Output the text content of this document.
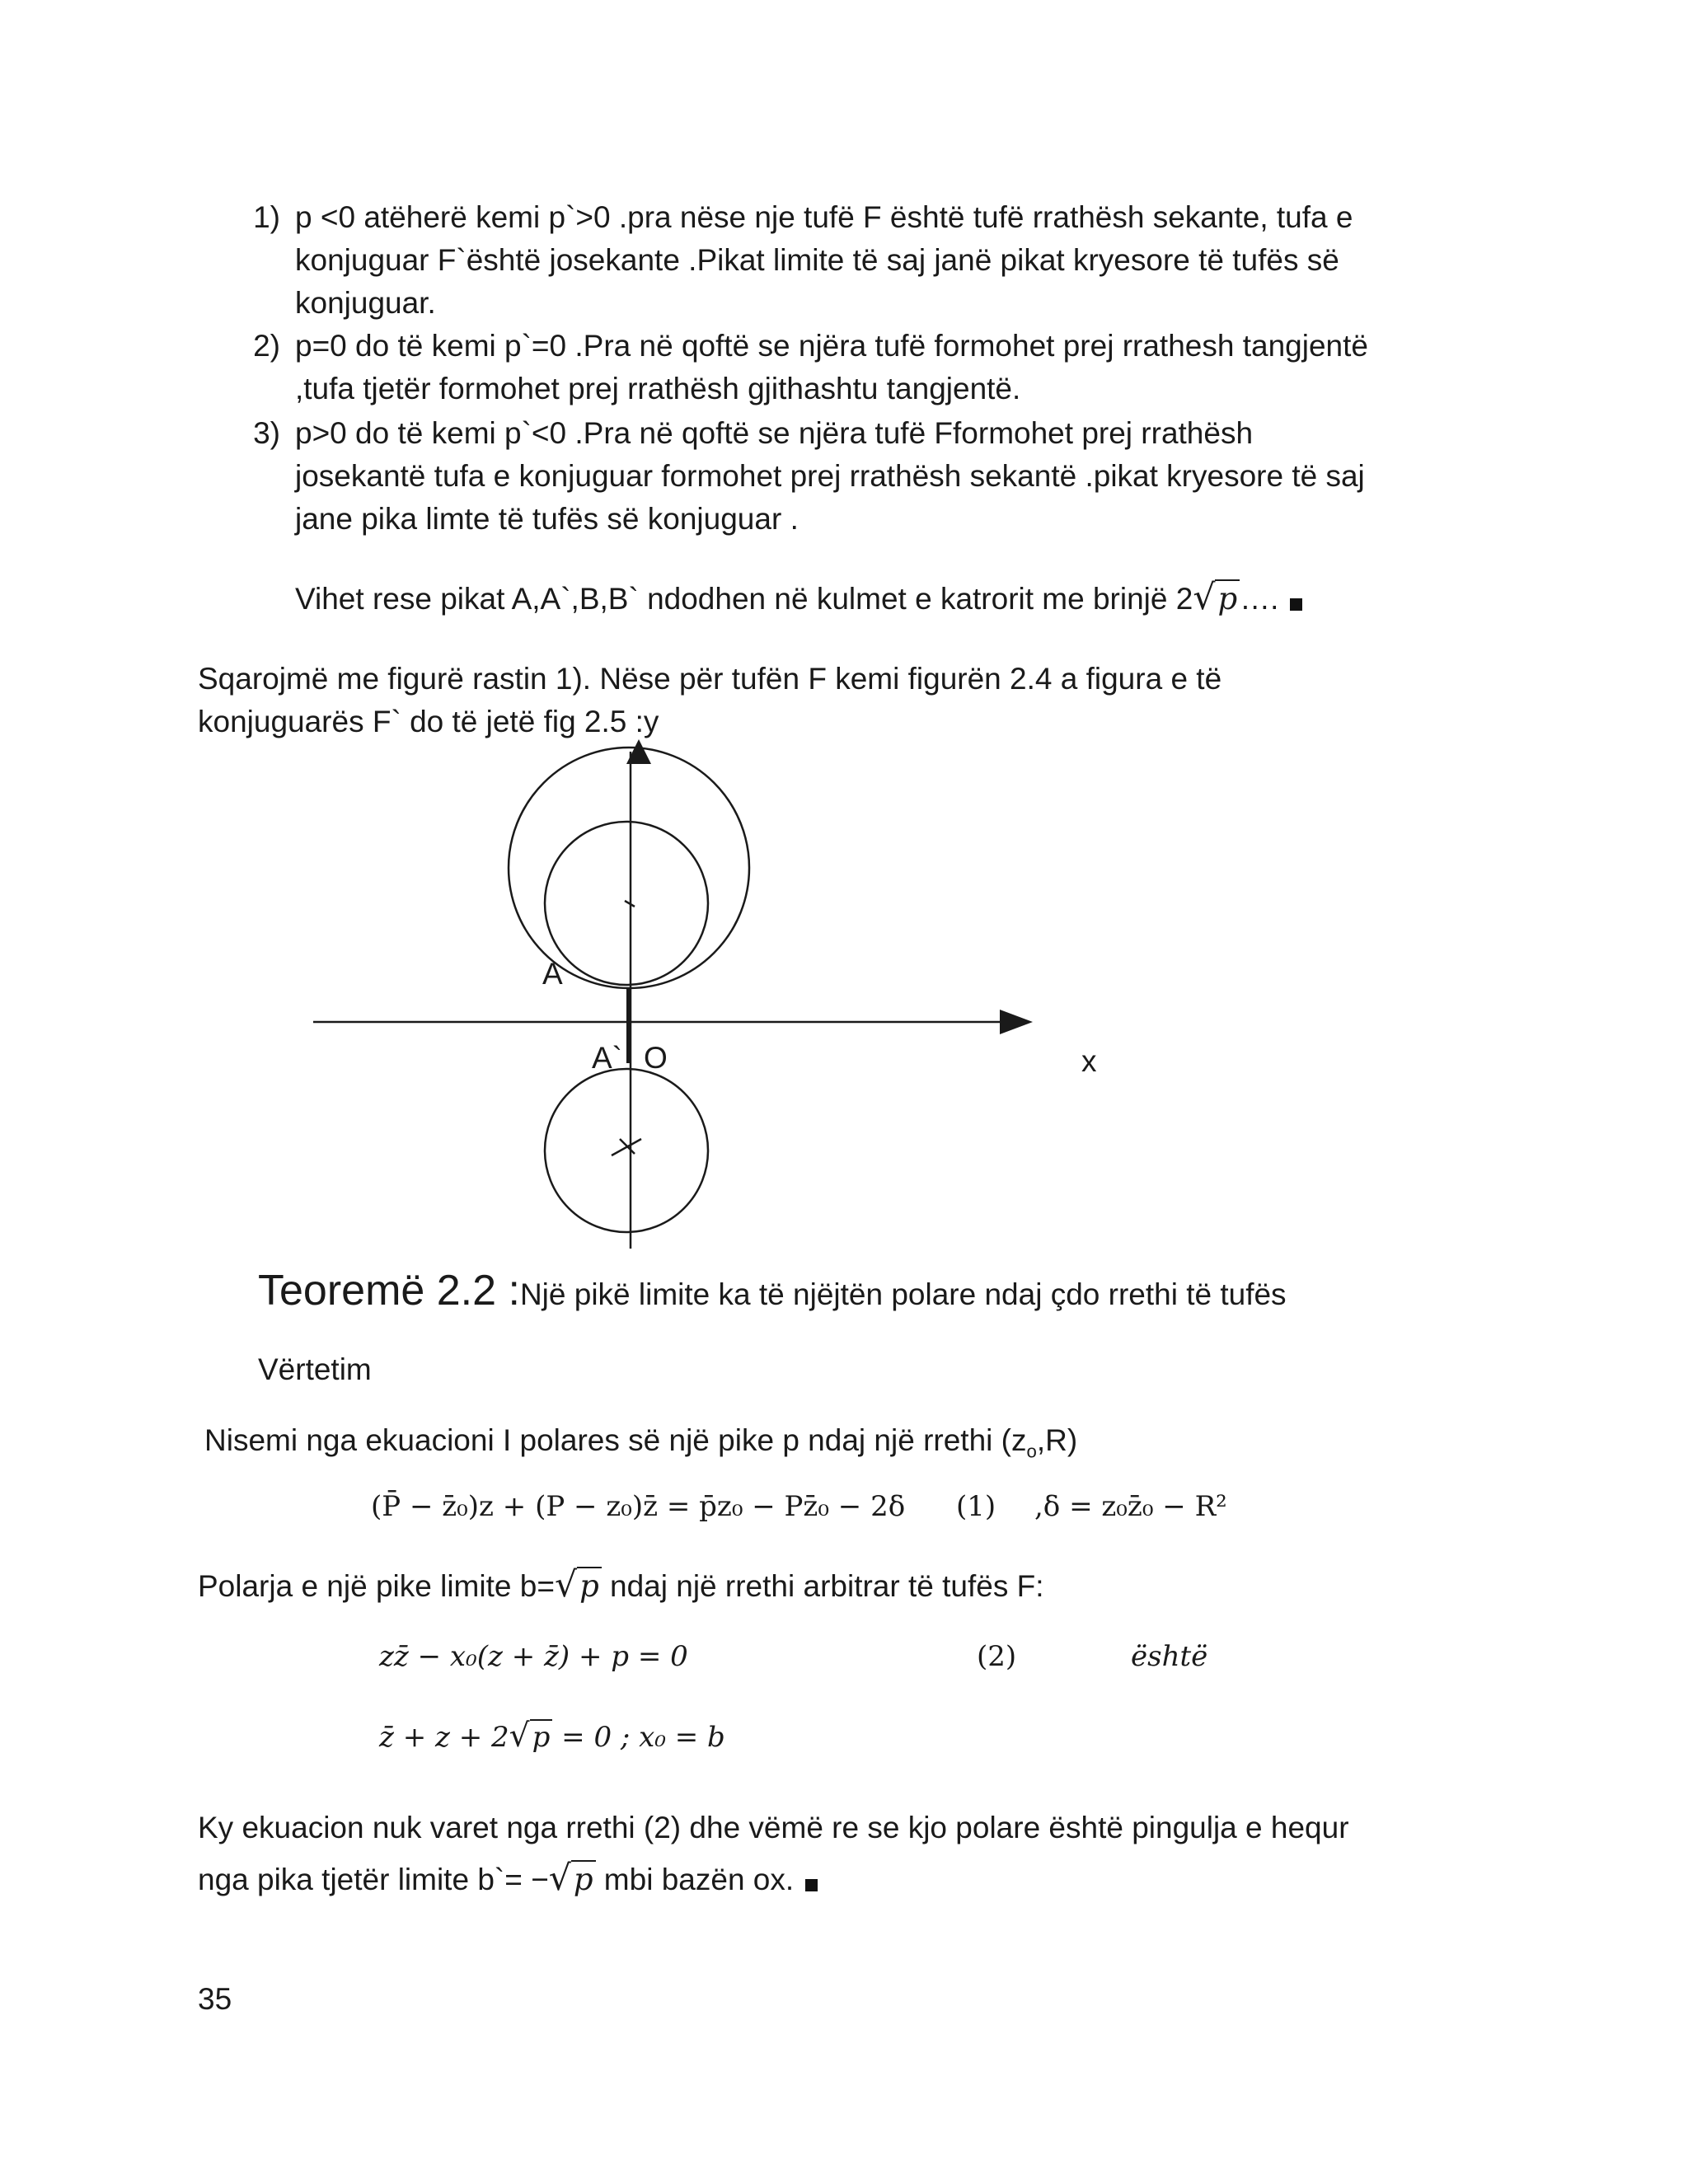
1) p <0 atëherë kemi p`>0 .pra nëse nje tufë F është tufë rrathësh sekante, tufa e
konjuguar F`është josekante .Pikat limite të saj janë pikat kryesore të tufës së
konjuguar.
2) p=0 do të kemi p`=0 .Pra në qoftë se njëra tufë formohet prej rrathesh tangjentë
,tufa tjetër formohet prej rrathësh gjithashtu tangjentë.
3) p>0 do të kemi p`<0 .Pra në qoftë se njëra tufë Fformohet prej rrathësh
josekantë tufa e konjuguar formohet prej rrathësh sekantë .pikat kryesore të saj
jane pika limte të tufës së konjuguar .
Vihet rese pikat A,A`,B,B` ndodhen në kulmet e katrorit me brinjë 2√p….
Sqarojmë me figurë rastin 1). Nëse për tufën F kemi figurën 2.4 a figura e të
konjuguarës F` do të jetë fig 2.5 :y
A
A` O	x
Teoremë 2.2 :Një pikë limite ka të njëjtën polare ndaj çdo rrethi të tufës
Vërtetim
Nisemi nga ekuacioni I polares së një pike p ndaj një rrethi $(z_o,R)$
(P̄ − z̄₀)z + (P − z₀)z̄ = p̄z₀ − Pz̄₀ − 2δ (1) ,δ = z₀z̄₀ − R²
Polarja e një pike limite b=√p ndaj një rrethi arbitrar të tufës F:
zz̄ − x₀(z + z̄) + p = 0	(2)	është
z̄ + z + 2√p = 0 ; x₀ = b
Ky ekuacion nuk varet nga rrethi (2) dhe vëmë re se kjo polare është pingulja e hequr
nga pika tjetër limite b`= −√p mbi bazën ox.
35
